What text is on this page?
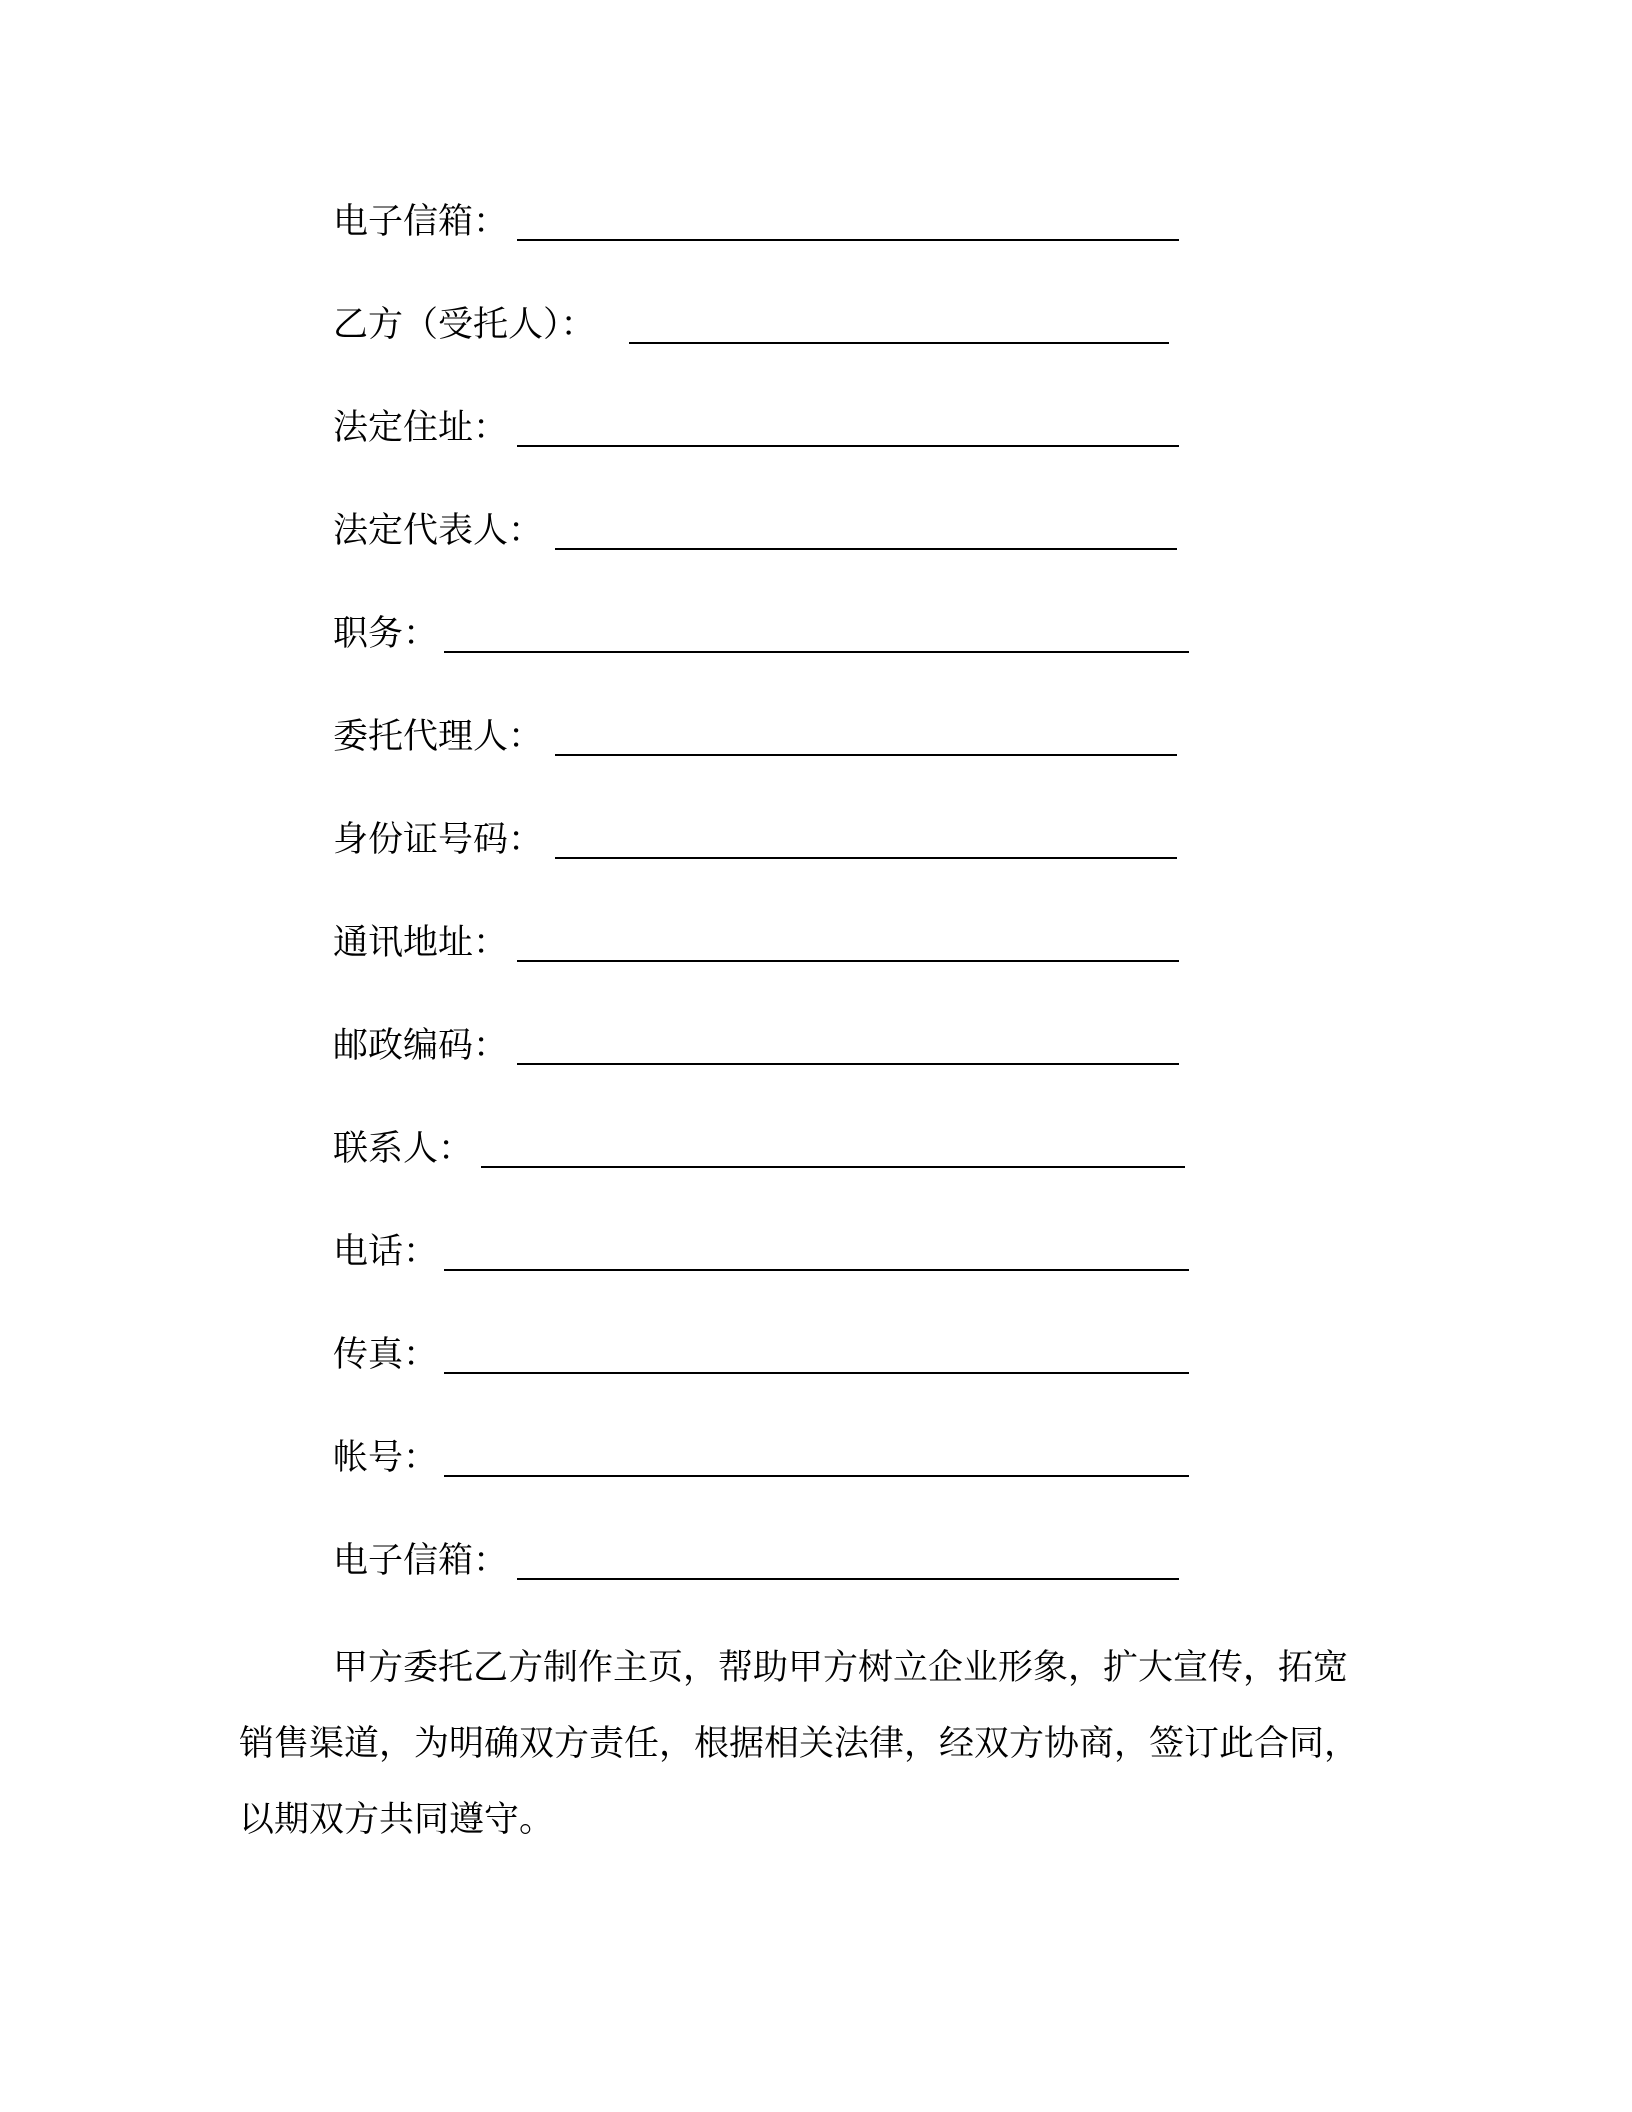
电子信箱：
乙方（受托人）：
法定住址：
法定代表人：
职务：
委托代理人：
身份证号码：
通讯地址：
邮政编码：
联系人：
电话：
传真：
帐号：
电子信箱：

甲方委托乙方制作主页，帮助甲方树立企业形象，扩大宣传，拓宽销售渠道，为明确双方责任，根据相关法律，经双方协商，签订此合同，以期双方共同遵守。
